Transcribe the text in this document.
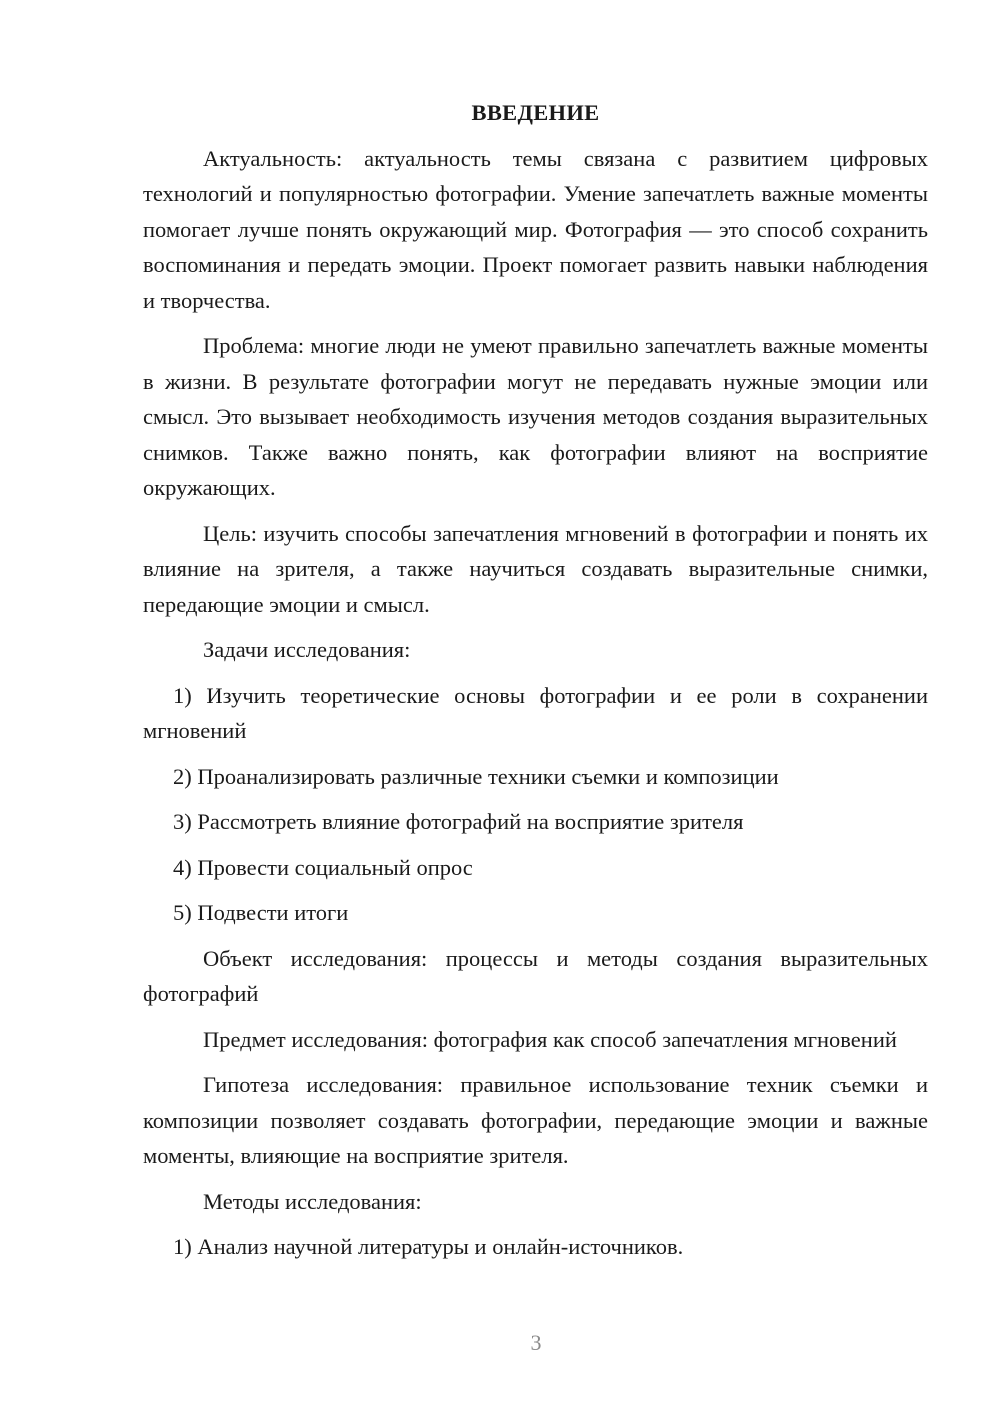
ВВЕДЕНИЕ

Актуальность: актуальность темы связана с развитием цифровых технологий и популярностью фотографии. Умение запечатлеть важные моменты помогает лучше понять окружающий мир. Фотография — это способ сохранить воспоминания и передать эмоции. Проект помогает развить навыки наблюдения и творчества.

Проблема: многие люди не умеют правильно запечатлеть важные моменты в жизни. В результате фотографии могут не передавать нужные эмоции или смысл. Это вызывает необходимость изучения методов создания выразительных снимков. Также важно понять, как фотографии влияют на восприятие окружающих.

Цель: изучить способы запечатления мгновений в фотографии и понять их влияние на зрителя, а также научиться создавать выразительные снимки, передающие эмоции и смысл.

Задачи исследования:

1) Изучить теоретические основы фотографии и ее роли в сохранении мгновений

2) Проанализировать различные техники съемки и композиции

3) Рассмотреть влияние фотографий на восприятие зрителя

4) Провести социальный опрос

5) Подвести итоги

Объект исследования: процессы и методы создания выразительных фотографий

Предмет исследования: фотография как способ запечатления мгновений

Гипотеза исследования: правильное использование техник съемки и композиции позволяет создавать фотографии, передающие эмоции и важные моменты, влияющие на восприятие зрителя.

Методы исследования:

1) Анализ научной литературы и онлайн-источников.

3
